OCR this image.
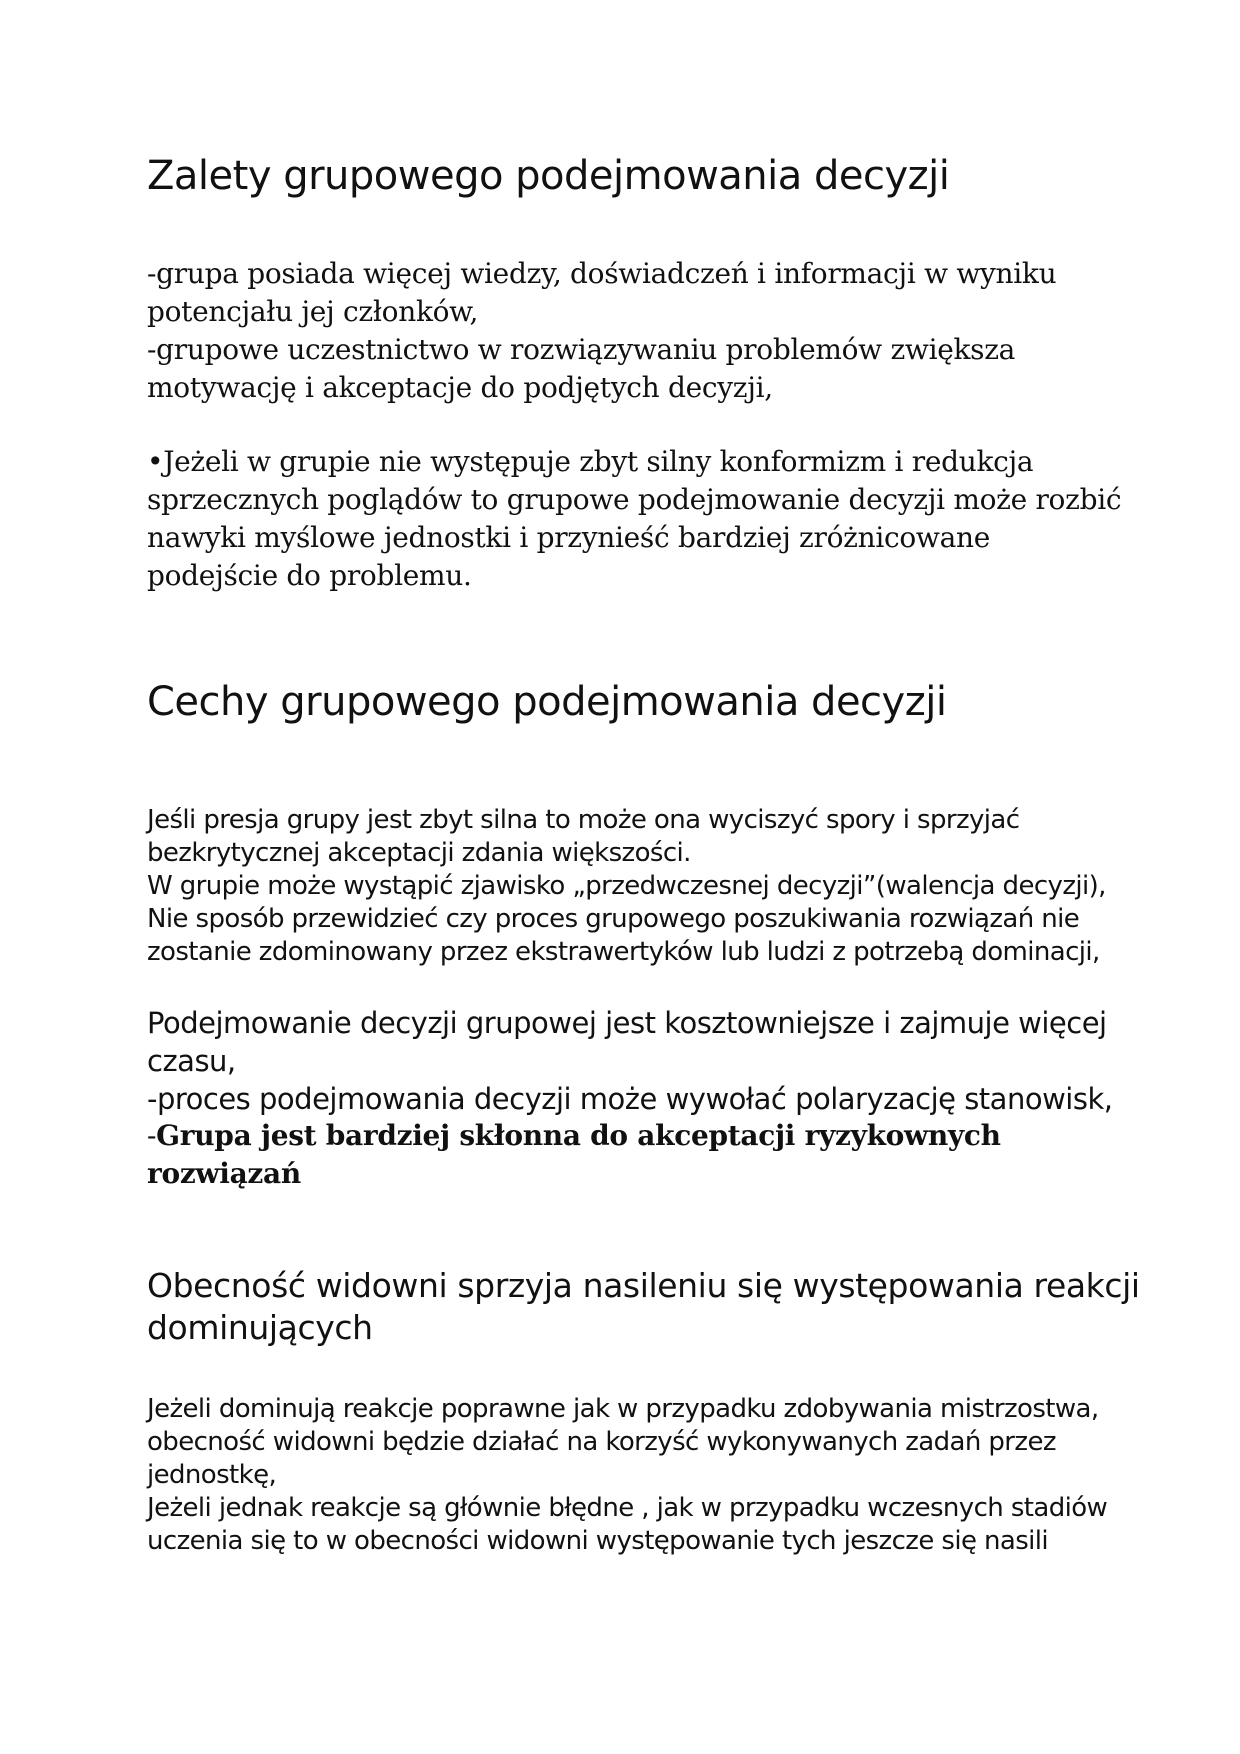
Zalety grupowego podejmowania decyzji
-grupa posiada więcej wiedzy, doświadczeń i informacji w wyniku
potencjału jej członków,
-grupowe uczestnictwo w rozwiązywaniu problemów zwiększa
motywację i akceptacje do podjętych decyzji,
•Jeżeli w grupie nie występuje zbyt silny konformizm i redukcja
sprzecznych poglądów to grupowe podejmowanie decyzji może rozbić
nawyki myślowe jednostki i przynieść bardziej zróżnicowane
podejście do problemu.
Cechy grupowego podejmowania decyzji
Jeśli presja grupy jest zbyt silna to może ona wyciszyć spory i sprzyjać
bezkrytycznej akceptacji zdania większości.
W grupie może wystąpić zjawisko „przedwczesnej decyzji”(walencja decyzji),
Nie sposób przewidzieć czy proces grupowego poszukiwania rozwiązań nie
zostanie zdominowany przez ekstrawertyków lub ludzi z potrzebą dominacji,
Podejmowanie decyzji grupowej jest kosztowniejsze i zajmuje więcej
czasu,
-proces podejmowania decyzji może wywołać polaryzację stanowisk,
-Grupa jest bardziej skłonna do akceptacji ryzykownych
rozwiązań
Obecność widowni sprzyja nasileniu się występowania reakcji
dominujących
Jeżeli dominują reakcje poprawne jak w przypadku zdobywania mistrzostwa,
obecność widowni będzie działać na korzyść wykonywanych zadań przez
jednostkę,
Jeżeli jednak reakcje są głównie błędne , jak w przypadku wczesnych stadiów
uczenia się to w obecności widowni występowanie tych jeszcze się nasili
